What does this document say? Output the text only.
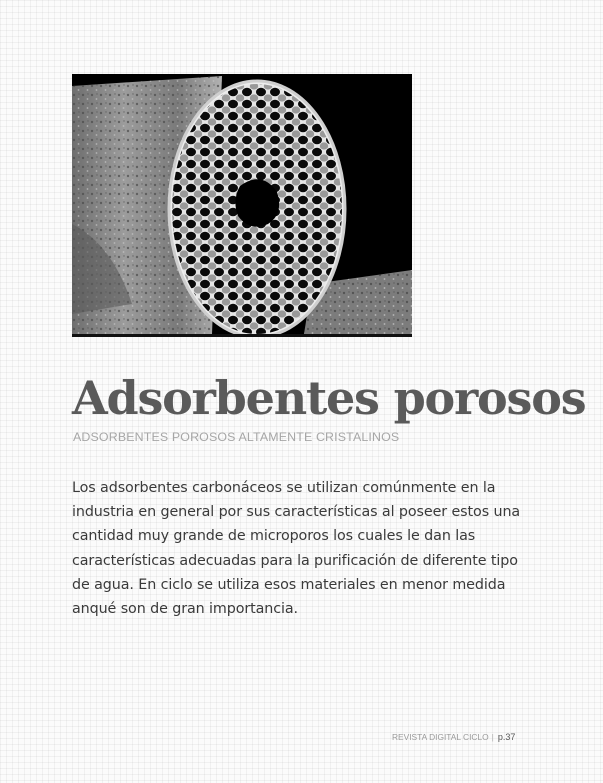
Adsorbentes porosos

ADSORBENTES POROSOS ALTAMENTE CRISTALINOS

Los adsorbentes carbonáceos se utilizan comúnmente en la industria en general por sus características al poseer estos una cantidad muy grande de microporos los cuales le dan las características adecuadas para la purificación de diferente tipo de agua. En ciclo se utiliza esos materiales en menor medida anqué son de gran importancia.

REVISTA DIGITAL CICLO | p.37
